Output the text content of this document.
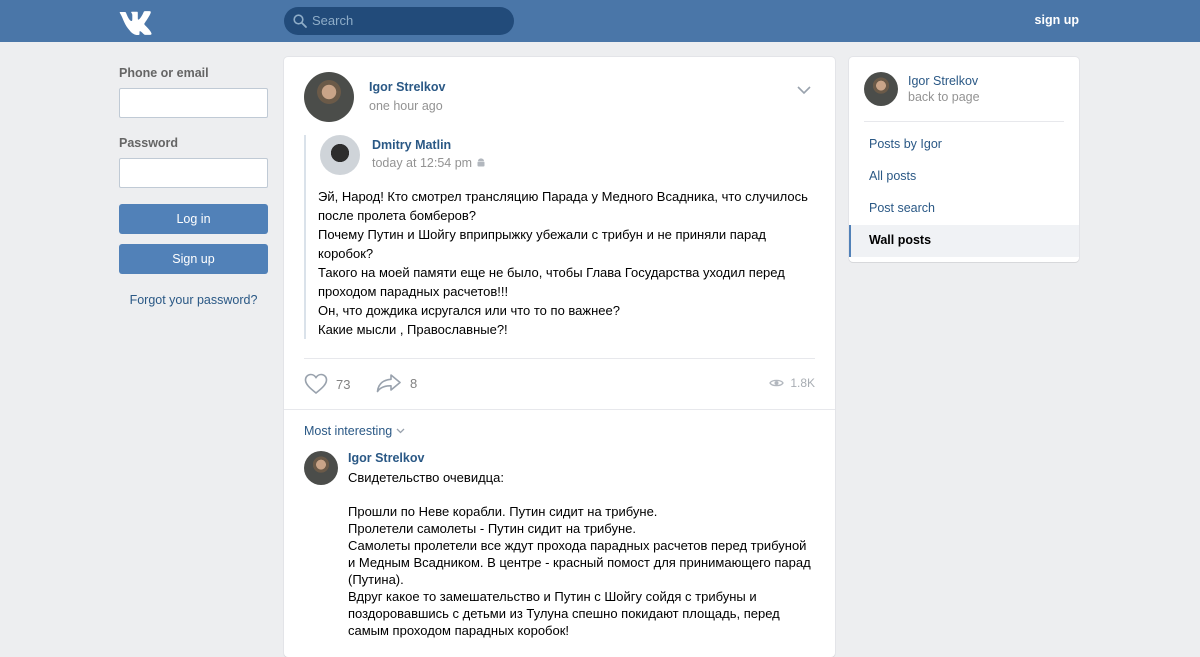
Search	sign up
Phone or email
Password
Log in
Sign up
Forgot your password?
Igor Strelkov
one hour ago
Dmitry Matlin
today at 12:54 pm
Эй, Народ! Кто смотрел трансляцию Парада у Медного Всадника, что случилось после пролета бомберов?
Почему Путин и Шойгу вприпрыжку убежали с трибун и не приняли парад коробок?
Такого на моей памяти еще не было, чтобы Глава Государства уходил перед проходом парадных расчетов!!!
Он, что дождика исругался или что то по важнее?
Какие мысли , Православные?!
73	8	1.8K
Most interesting
Igor Strelkov
Свидетельство очевидца:
Прошли по Неве корабли. Путин сидит на трибуне.
Пролетели самолеты - Путин сидит на трибуне.
Самолеты пролетели все ждут прохода парадных расчетов перед трибуной и Медным Всадником. В центре - красный помост для принимающего парад (Путина).
Вдруг какое то замешательство и Путин с Шойгу сойдя с трибуны и поздоровавшись с детьми из Тулуна спешно покидают площадь, перед самым проходом парадных коробок!
Igor Strelkov
back to page
Posts by Igor
All posts
Post search
Wall posts
